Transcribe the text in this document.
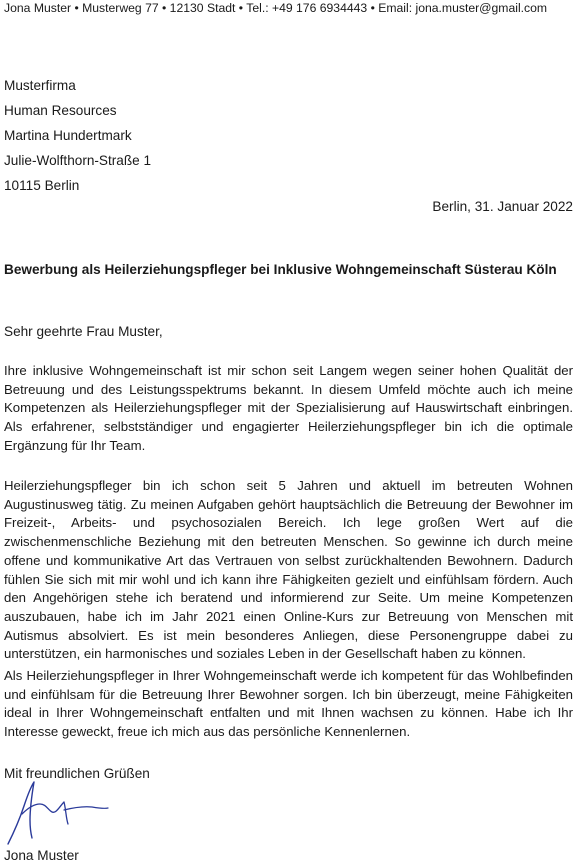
Jona Muster • Musterweg 77 • 12130 Stadt • Tel.: +49 176 6934443 • Email: jona.muster@gmail.com
Musterfirma
Human Resources
Martina Hundertmark
Julie-Wolfthorn-Straße 1
10115 Berlin
Berlin, 31. Januar 2022
Bewerbung als Heilerziehungspfleger bei Inklusive Wohngemeinschaft Süsterau Köln
Sehr geehrte Frau Muster,
Ihre inklusive Wohngemeinschaft ist mir schon seit Langem wegen seiner hohen Qualität der Betreuung und des Leistungsspektrums bekannt. In diesem Umfeld möchte auch ich meine Kompetenzen als Heilerziehungspfleger mit der Spezialisierung auf Hauswirtschaft einbringen. Als erfahrener, selbstständiger und engagierter Heilerziehungspfleger bin ich die optimale Ergänzung für Ihr Team.
Heilerziehungspfleger bin ich schon seit 5 Jahren und aktuell im betreuten Wohnen Augustinusweg tätig. Zu meinen Aufgaben gehört hauptsächlich die Betreuung der Bewohner im Freizeit-, Arbeits- und psychosozialen Bereich. Ich lege großen Wert auf die zwischenmenschliche Beziehung mit den betreuten Menschen. So gewinne ich durch meine offene und kommunikative Art das Vertrauen von selbst zurückhaltenden Bewohnern. Dadurch fühlen Sie sich mit mir wohl und ich kann ihre Fähigkeiten gezielt und einfühlsam fördern. Auch den Angehörigen stehe ich beratend und informierend zur Seite. Um meine Kompetenzen auszubauen, habe ich im Jahr 2021 einen Online-Kurs zur Betreuung von Menschen mit Autismus absolviert. Es ist mein besonderes Anliegen, diese Personengruppe dabei zu unterstützen, ein harmonisches und soziales Leben in der Gesellschaft haben zu können.
Als Heilerziehungspfleger in Ihrer Wohngemeinschaft werde ich kompetent für das Wohlbefinden und einfühlsam für die Betreuung Ihrer Bewohner sorgen. Ich bin überzeugt, meine Fähigkeiten ideal in Ihrer Wohngemeinschaft entfalten und mit Ihnen wachsen zu können. Habe ich Ihr Interesse geweckt, freue ich mich aus das persönliche Kennenlernen.
Mit freundlichen Grüßen
Jona Muster
